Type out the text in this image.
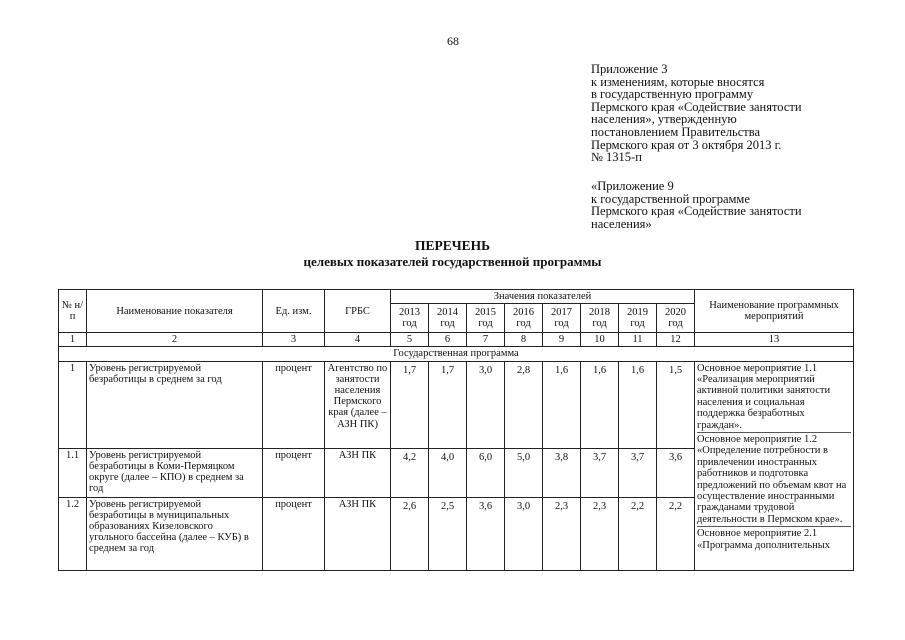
68
Приложение 3
к изменениям, которые вносятся
в государственную программу
Пермского края «Содействие занятости
населения», утвержденную
постановлением Правительства
Пермского края от 3 октября 2013 г.
№ 1315-п
«Приложение 9
к государственной программе
Пермского края «Содействие занятости
населения»
ПЕРЕЧЕНЬ
целевых показателей государственной программы
№ н/п	Наименование показателя	Ед. изм.	ГРБС	Значения показателей								Наименование программных мероприятий
				2013 год	2014 год	2015 год	2016 год	2017 год	2018 год	2019 год	2020 год	
1	2	3	4	5	6	7	8	9	10	11	12	13
Государственная программа												
1	Уровень регистрируемой безработицы в среднем за год	процент	Агентство по занятости населения Пермского края (далее – АЗН ПК)	1,7	1,7	3,0	2,8	1,6	1,6	1,6	1,5	Основное мероприятие 1.1 «Реализация мероприятий активной политики занятости населения и социальная поддержка безработных граждан».
Основное мероприятие 1.2 «Определение потребности в привлечении иностранных работников и подготовка предложений по объемам квот на осуществление иностранными гражданами трудовой деятельности в Пермском крае».
Основное мероприятие 2.1 «Программа дополнительных

1.1	Уровень регистрируемой безработицы в Коми-Пермяцком округе (далее – КПО) в среднем за год	процент	АЗН ПК	4,2	4,0	6,0	5,0	3,8	3,7	3,7	3,6	
1.2	Уровень регистрируемой безработицы в муниципальных образованиях Кизеловского угольного бассейна (далее – КУБ) в среднем за год	процент	АЗН ПК	2,6	2,5	3,6	3,0	2,3	2,3	2,2	2,2	
